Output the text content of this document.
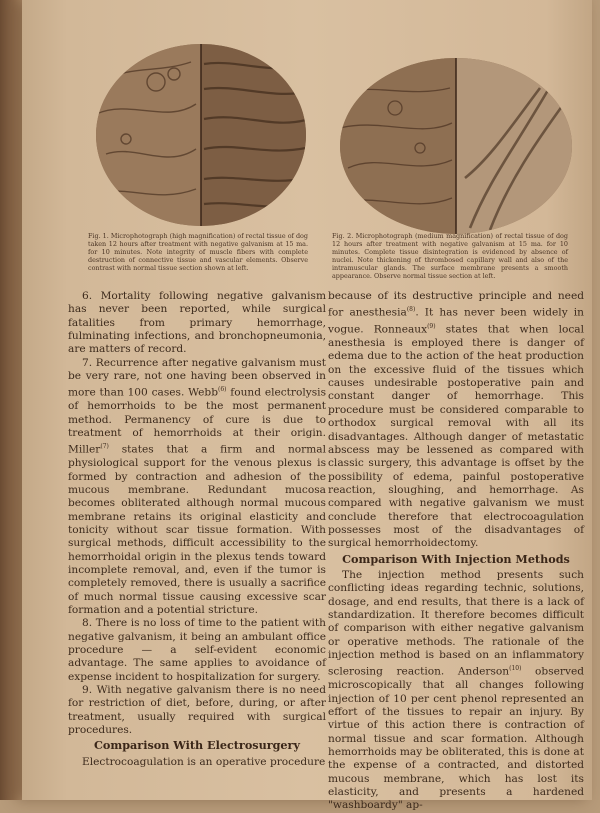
Fig. 1. Microphotograph (high magnification) of rectal tissue of dog taken 12 hours after treatment with negative galvanism at 15 ma. for 10 minutes. Note integrity of muscle fibers with complete destruction of connective tissue and vascular elements. Observe contrast with normal tissue section shown at left.
Fig. 2. Microphotograph (medium magnification) of rectal tissue of dog 12 hours after treatment with negative galvanism at 15 ma. for 10 minutes. Complete tissue disintegration is evidenced by absence of nuclei. Note thickening of thrombosed capillary wall and also of the intramuscular glands. The surface membrane presents a smooth appearance. Observe normal tissue section at left.

6. Mortality following negative galvanism has never been reported, while surgical fatalities from primary hemorrhage, fulminating infections, and bronchopneumonia, are matters of record.

7. Recurrence after negative galvanism must be very rare, not one having been observed in more than 100 cases. Webb$^{(6)}$ found electrolysis of hemorrhoids to be the most permanent method. Permanency of cure is due to treatment of hemorrhoids at their origin. Miller$^{(7)}$ states that a firm and normal physiological support for the venous plexus is formed by contraction and adhesion of the mucous membrane. Redundant mucosa becomes obliterated although normal mucous membrane retains its original elasticity and tonicity without scar tissue formation. With surgical methods, difficult accessibility to the hemorrhoidal origin in the plexus tends toward incomplete removal, and, even if the tumor is completely removed, there is usually a sacrifice of much normal tissue causing excessive scar formation and a potential stricture.

8. There is no loss of time to the patient with negative galvanism, it being an ambulant office procedure — a self-evident economic advantage. The same applies to avoidance of expense incident to hospitalization for surgery.

9. With negative galvanism there is no need for restriction of diet, before, during, or after treatment, usually required with surgical procedures.

Comparison With Electrosurgery

Electrocoagulation is an operative procedure

because of its destructive principle and need for anesthesia$^{(8)}$. It has never been widely in vogue. Ronneaux$^{(9)}$ states that when local anesthesia is employed there is danger of edema due to the action of the heat production on the excessive fluid of the tissues which causes undesirable postoperative pain and constant danger of hemorrhage. This procedure must be considered comparable to orthodox surgical removal with all its disadvantages. Although danger of metastatic abscess may be lessened as compared with classic surgery, this advantage is offset by the possibility of edema, painful postoperative reaction, sloughing, and hemorrhage. As compared with negative galvanism we must conclude therefore that electrocoagulation possesses most of the disadvantages of surgical hemorrhoidectomy.

Comparison With Injection Methods

The injection method presents such conflicting ideas regarding technic, solutions, dosage, and end results, that there is a lack of standardization. It therefore becomes difficult of comparison with either negative galvanism or operative methods. The rationale of the injection method is based on an inflammatory sclerosing reaction. Anderson$^{(10)}$ observed microscopically that all changes following injection of 10 per cent phenol represented an effort of the tissues to repair an injury. By virtue of this action there is contraction of normal tissue and scar formation. Although hemorrhoids may be obliterated, this is done at the expense of a contracted, and distorted mucous membrane, which has lost its elasticity, and presents a hardened "washboardy" ap-
